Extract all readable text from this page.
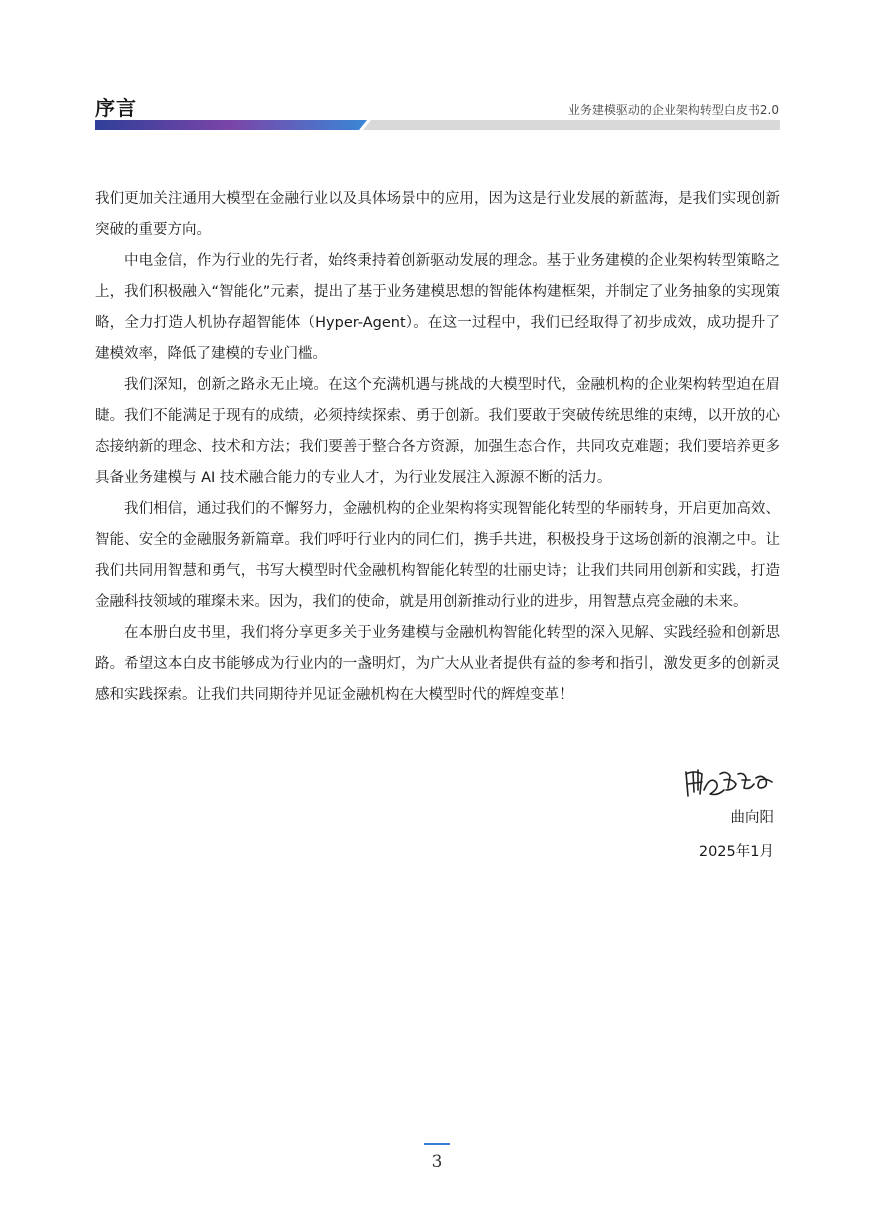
序言	业务建模驱动的企业架构转型白皮书2.0

我们更加关注通用大模型在金融行业以及具体场景中的应用，因为这是行业发展的新蓝海，是我们实现创新突破的重要方向。

中电金信，作为行业的先行者，始终秉持着创新驱动发展的理念。基于业务建模的企业架构转型策略之上，我们积极融入“智能化”元素，提出了基于业务建模思想的智能体构建框架，并制定了业务抽象的实现策略，全力打造人机协存超智能体（Hyper-Agent）。在这一过程中，我们已经取得了初步成效，成功提升了建模效率，降低了建模的专业门槛。

我们深知，创新之路永无止境。在这个充满机遇与挑战的大模型时代，金融机构的企业架构转型迫在眉睫。我们不能满足于现有的成绩，必须持续探索、勇于创新。我们要敢于突破传统思维的束缚，以开放的心态接纳新的理念、技术和方法；我们要善于整合各方资源，加强生态合作，共同攻克难题；我们要培养更多具备业务建模与 AI 技术融合能力的专业人才，为行业发展注入源源不断的活力。

我们相信，通过我们的不懈努力，金融机构的企业架构将实现智能化转型的华丽转身，开启更加高效、智能、安全的金融服务新篇章。我们呼吁行业内的同仁们，携手共进，积极投身于这场创新的浪潮之中。让我们共同用智慧和勇气，书写大模型时代金融机构智能化转型的壮丽史诗；让我们共同用创新和实践，打造金融科技领域的璀璨未来。因为，我们的使命，就是用创新推动行业的进步，用智慧点亮金融的未来。

在本册白皮书里，我们将分享更多关于业务建模与金融机构智能化转型的深入见解、实践经验和创新思路。希望这本白皮书能够成为行业内的一盏明灯，为广大从业者提供有益的参考和指引，激发更多的创新灵感和实践探索。让我们共同期待并见证金融机构在大模型时代的辉煌变革！

曲向阳
2025年1月
3
